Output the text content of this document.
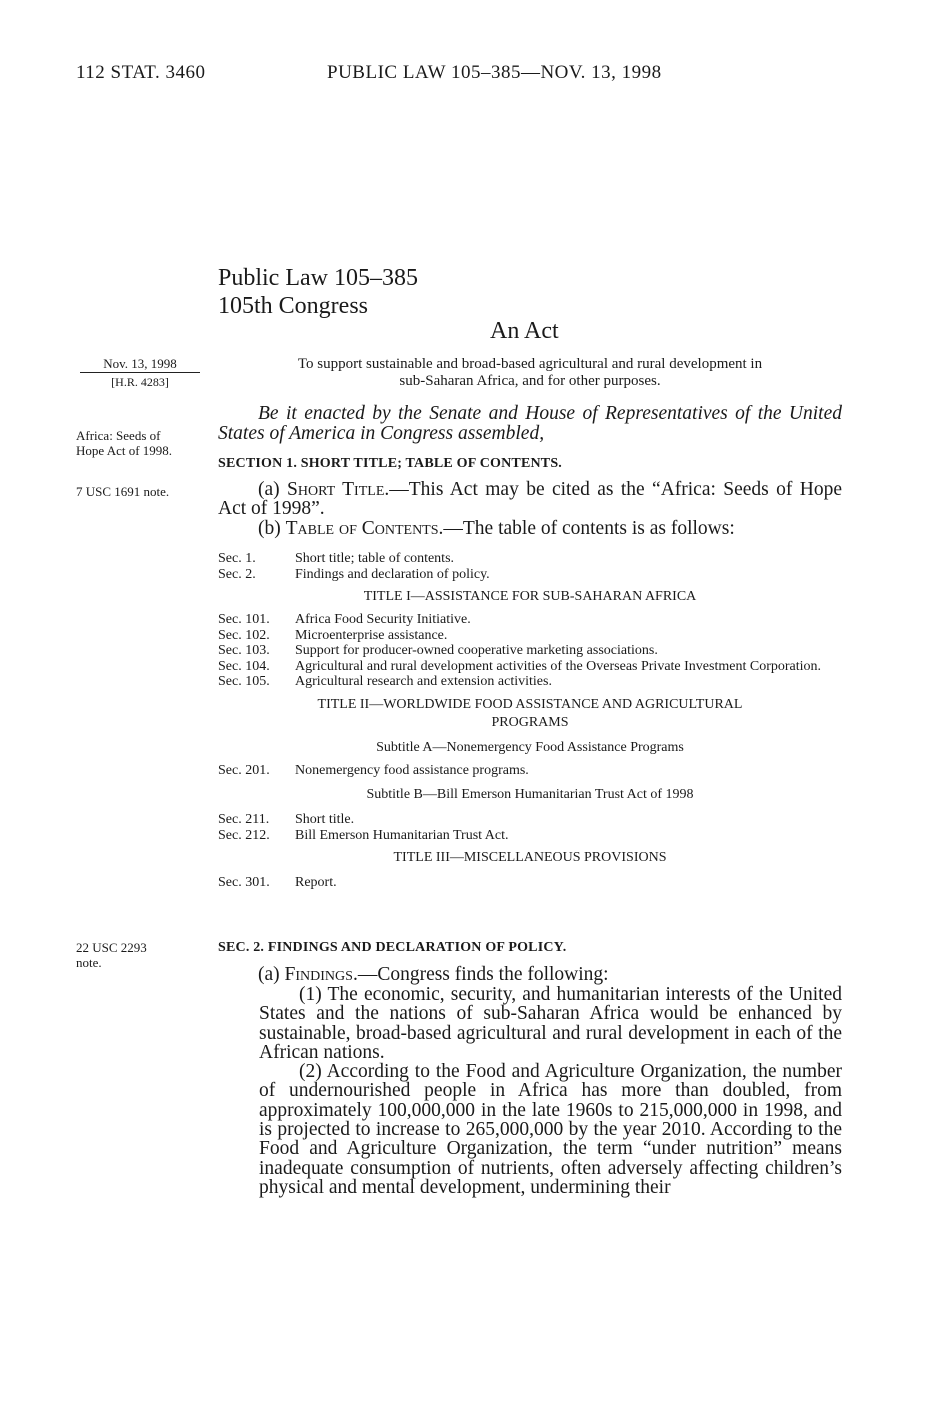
112 STAT. 3460	PUBLIC LAW 105–385—NOV. 13, 1998
Public Law 105–385
105th Congress
An Act
Nov. 13, 1998
[H.R. 4283]
To support sustainable and broad-based agricultural and rural development in
sub-Saharan Africa, and for other purposes.
Africa: Seeds of
Hope Act of 1998.
Be it enacted by the Senate and House of Representatives of the United States of America in Congress assembled,
SECTION 1. SHORT TITLE; TABLE OF CONTENTS.
7 USC 1691 note.	(a) Short Title.—This Act may be cited as the “Africa: Seeds of Hope Act of 1998”.
(b) Table of Contents.—The table of contents is as follows:
Sec. 1.	Short title; table of contents.
Sec. 2.	Findings and declaration of policy.
TITLE I—ASSISTANCE FOR SUB-SAHARAN AFRICA
Sec. 101.	Africa Food Security Initiative.
Sec. 102.	Microenterprise assistance.
Sec. 103.	Support for producer-owned cooperative marketing associations.
Sec. 104.	Agricultural and rural development activities of the Overseas Private Investment Corporation.
Sec. 105.	Agricultural research and extension activities.
TITLE II—WORLDWIDE FOOD ASSISTANCE AND AGRICULTURAL
PROGRAMS
Subtitle A—Nonemergency Food Assistance Programs
Sec. 201.	Nonemergency food assistance programs.
Subtitle B—Bill Emerson Humanitarian Trust Act of 1998
Sec. 211.	Short title.
Sec. 212.	Bill Emerson Humanitarian Trust Act.
TITLE III—MISCELLANEOUS PROVISIONS
Sec. 301.	Report.
22 USC 2293
note.
SEC. 2. FINDINGS AND DECLARATION OF POLICY.
(a) Findings.—Congress finds the following:
(1) The economic, security, and humanitarian interests of the United States and the nations of sub-Saharan Africa would be enhanced by sustainable, broad-based agricultural and rural development in each of the African nations.
(2) According to the Food and Agriculture Organization, the number of undernourished people in Africa has more than doubled, from approximately 100,000,000 in the late 1960s to 215,000,000 in 1998, and is projected to increase to 265,000,000 by the year 2010. According to the Food and Agriculture Organization, the term “under nutrition” means inadequate consumption of nutrients, often adversely affecting children’s physical and mental development, undermining their
